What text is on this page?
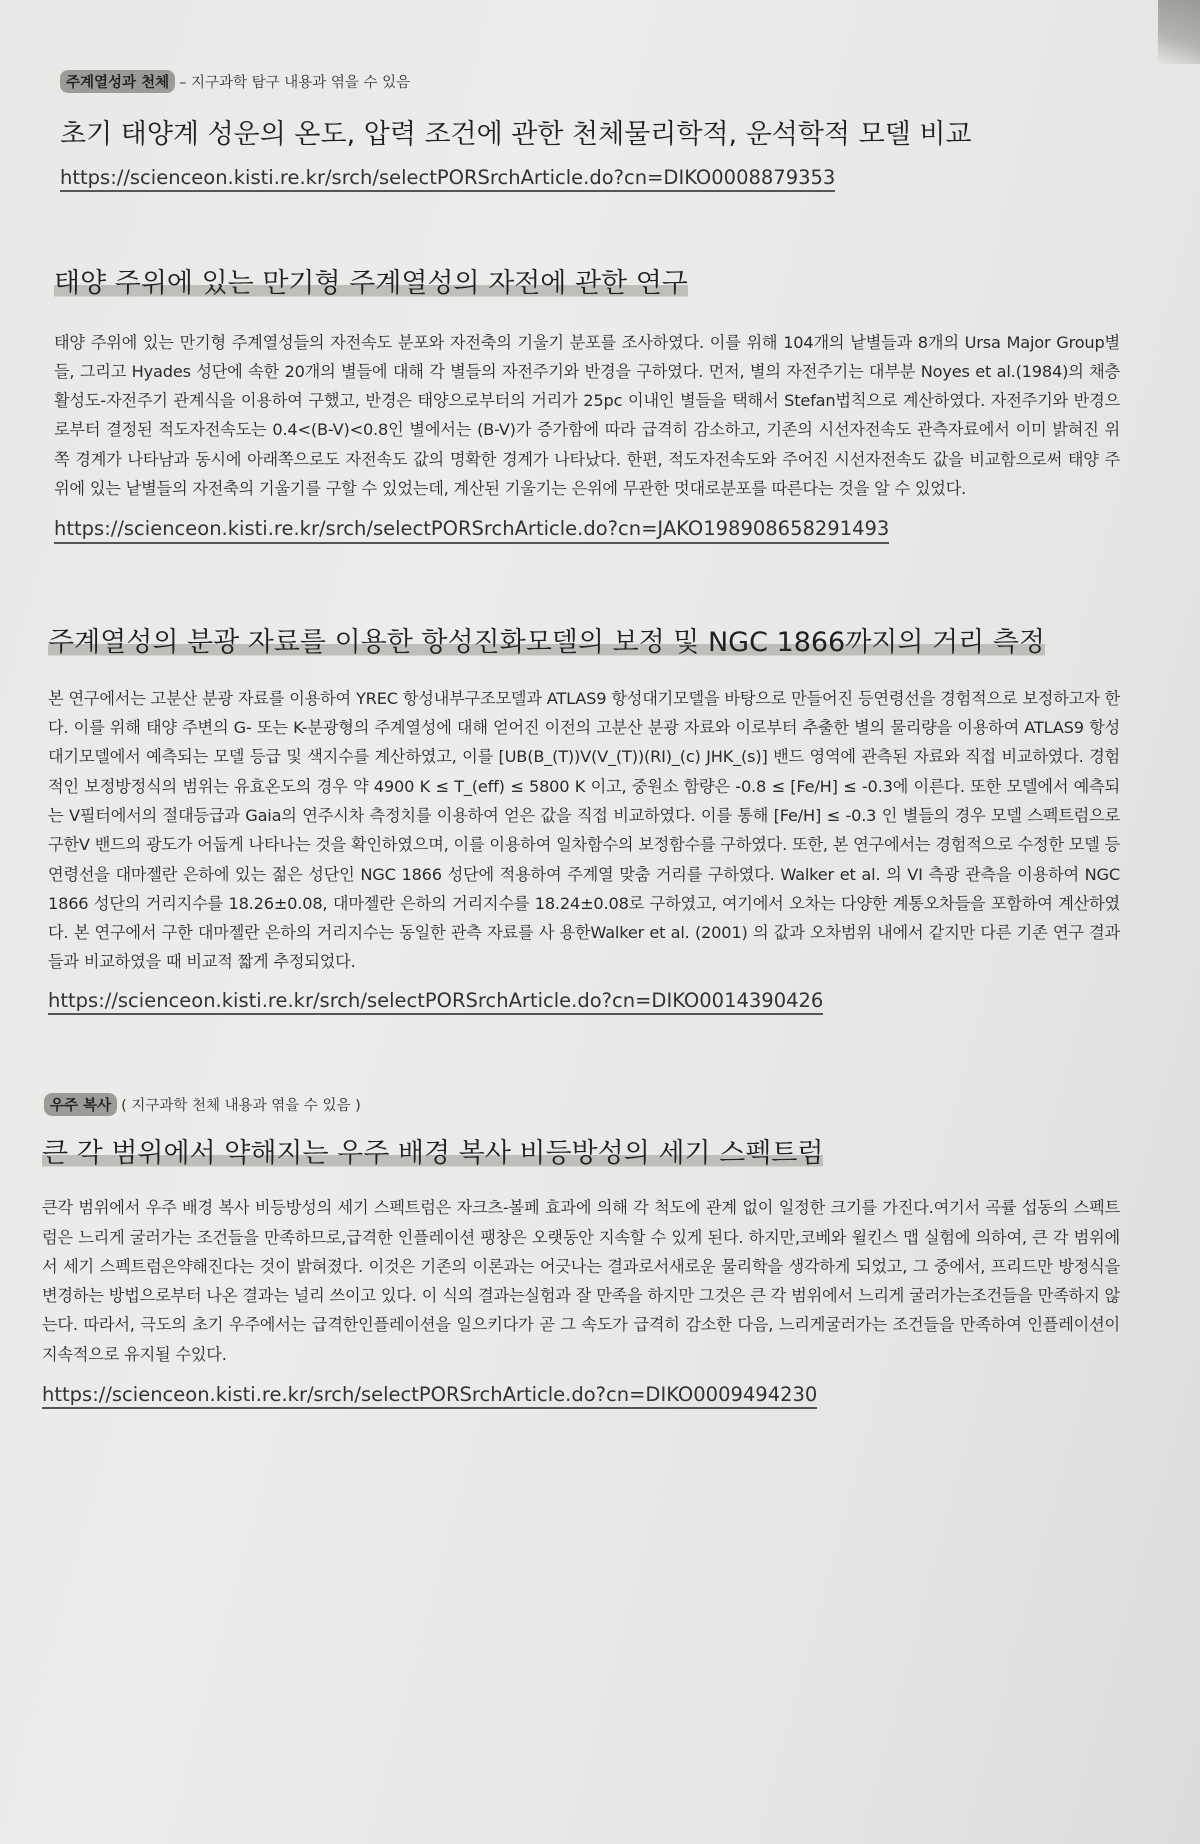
주계열성과 천체 – 지구과학 탐구 내용과 엮을 수 있음
초기 태양계 성운의 온도, 압력 조건에 관한 천체물리학적, 운석학적 모델 비교
https://scienceon.kisti.re.kr/srch/selectPORSrchArticle.do?cn=DIKO0008879353
태양 주위에 있는 만기형 주계열성의 자전에 관한 연구

태양 주위에 있는 만기형 주계열성들의 자전속도 분포와 자전축의 기울기 분포를 조사하였다. 이를 위해 104개의 낱별들과 8개의 Ursa Major Group별들, 그리고 Hyades 성단에 속한 20개의 별들에 대해 각 별들의 자전주기와 반경을 구하였다. 먼저, 별의 자전주기는 대부분 Noyes et al.(1984)의 채층활성도-자전주기 관계식을 이용하여 구했고, 반경은 태양으로부터의 거리가 25pc 이내인 별들을 택해서 Stefan법칙으로 계산하였다. 자전주기와 반경으로부터 결정된 적도자전속도는 0.4<(B-V)<0.8인 별에서는 (B-V)가 증가함에 따라 급격히 감소하고, 기존의 시선자전속도 관측자료에서 이미 밝혀진 위쪽 경계가 나타남과 동시에 아래쪽으로도 자전속도 값의 명확한 경계가 나타났다. 한편, 적도자전속도와 주어진 시선자전속도 값을 비교함으로써 태양 주위에 있는 낱별들의 자전축의 기울기를 구할 수 있었는데, 계산된 기울기는 은위에 무관한 멋대로분포를 따른다는 것을 알 수 있었다.

https://scienceon.kisti.re.kr/srch/selectPORSrchArticle.do?cn=JAKO198908658291493
주계열성의 분광 자료를 이용한 항성진화모델의 보정 및 NGC 1866까지의 거리 측정

본 연구에서는 고분산 분광 자료를 이용하여 YREC 항성내부구조모델과 ATLAS9 항성대기모델을 바탕으로 만들어진 등연령선을 경험적으로 보정하고자 한다. 이를 위해 태양 주변의 G- 또는 K-분광형의 주계열성에 대해 얻어진 이전의 고분산 분광 자료와 이로부터 추출한 별의 물리량을 이용하여 ATLAS9 항성대기모델에서 예측되는 모델 등급 및 색지수를 계산하였고, 이를 [UB(B_(T))V(V_(T))(RI)_(c) JHK_(s)] 밴드 영역에 관측된 자료와 직접 비교하였다. 경험적인 보정방정식의 범위는 유효온도의 경우 약 4900 K ≤ T_(eff) ≤ 5800 K 이고, 중원소 함량은 -0.8 ≤ [Fe/H] ≤ -0.3에 이른다. 또한 모델에서 예측되는 V필터에서의 절대등급과 Gaia의 연주시차 측정치를 이용하여 얻은 값을 직접 비교하였다. 이를 통해 [Fe/H] ≤ -0.3 인 별들의 경우 모델 스펙트럼으로 구한V 밴드의 광도가 어둡게 나타나는 것을 확인하였으며, 이를 이용하여 일차함수의 보정함수를 구하였다. 또한, 본 연구에서는 경험적으로 수정한 모델 등연령선을 대마젤란 은하에 있는 젊은 성단인 NGC 1866 성단에 적용하여 주계열 맞춤 거리를 구하였다. Walker et al. 의 VI 측광 관측을 이용하여 NGC 1866 성단의 거리지수를 18.26±0.08, 대마젤란 은하의 거리지수를 18.24±0.08로 구하였고, 여기에서 오차는 다양한 계통오차들을 포함하여 계산하였다. 본 연구에서 구한 대마젤란 은하의 거리지수는 동일한 관측 자료를 사 용한Walker et al. (2001) 의 값과 오차범위 내에서 같지만 다른 기존 연구 결과들과 비교하였을 때 비교적 짧게 추정되었다.

https://scienceon.kisti.re.kr/srch/selectPORSrchArticle.do?cn=DIKO0014390426
우주 복사 ( 지구과학 천체 내용과 엮을 수 있음 )
큰 각 범위에서 약해지는 우주 배경 복사 비등방성의 세기 스펙트럼

큰각 범위에서 우주 배경 복사 비등방성의 세기 스펙트럼은 자크츠-볼페 효과에 의해 각 척도에 관계 없이 일정한 크기를 가진다.여기서 곡률 섭동의 스펙트럼은 느리게 굴러가는 조건들을 만족하므로,급격한 인플레이션 팽창은 오랫동안 지속할 수 있게 된다. 하지만,코베와 윌킨스 맵 실험에 의하여, 큰 각 범위에서 세기 스펙트럼은약해진다는 것이 밝혀졌다. 이것은 기존의 이론과는 어긋나는 결과로서새로운 물리학을 생각하게 되었고, 그 중에서, 프리드만 방정식을변경하는 방법으로부터 나온 결과는 널리 쓰이고 있다. 이 식의 결과는실험과 잘 만족을 하지만 그것은 큰 각 범위에서 느리게 굴러가는조건들을 만족하지 않는다. 따라서, 극도의 초기 우주에서는 급격한인플레이션을 일으키다가 곧 그 속도가 급격히 감소한 다음, 느리게굴러가는 조건들을 만족하여 인플레이션이 지속적으로 유지될 수있다.

https://scienceon.kisti.re.kr/srch/selectPORSrchArticle.do?cn=DIKO0009494230
